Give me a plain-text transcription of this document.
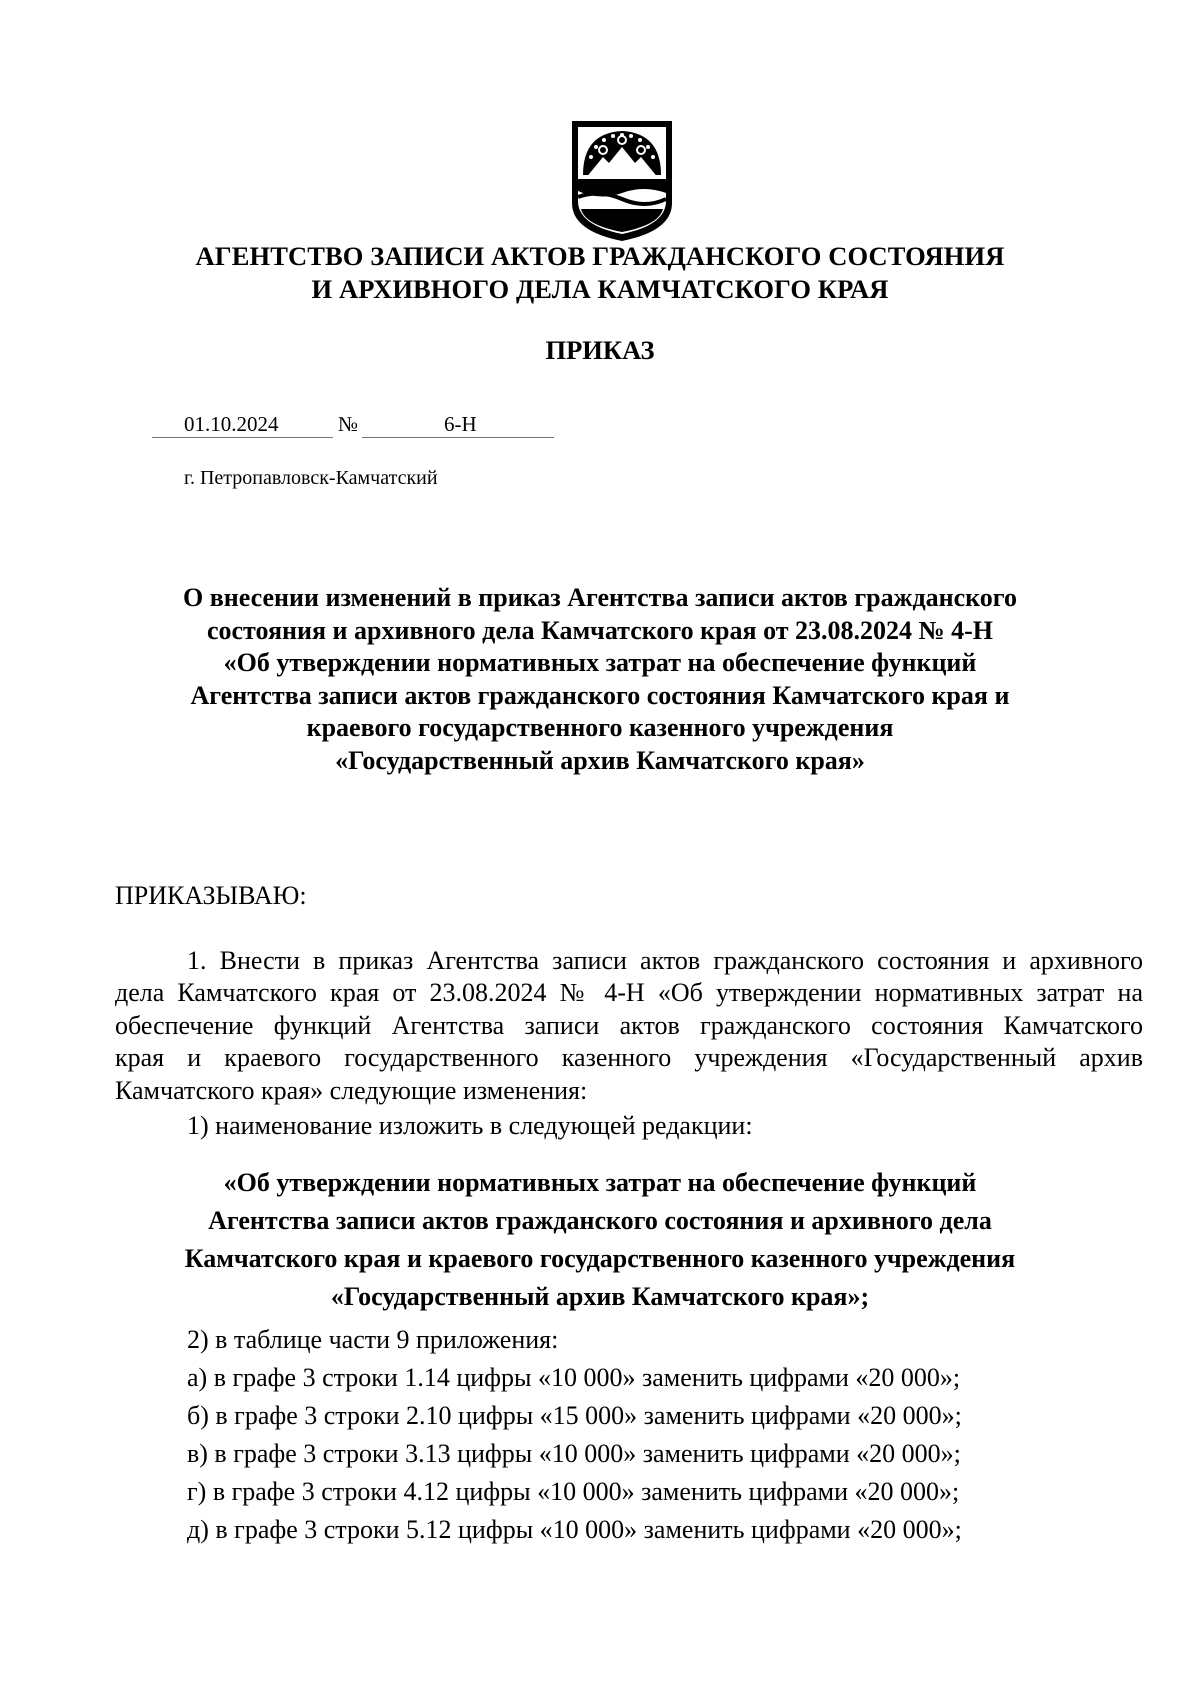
АГЕНТСТВО ЗАПИСИ АКТОВ ГРАЖДАНСКОГО СОСТОЯНИЯ
И АРХИВНОГО ДЕЛА КАМЧАТСКОГО КРАЯ
ПРИКАЗ
01.10.2024	№	6-Н
г. Петропавловск-Камчатский
О внесении изменений в приказ Агентства записи актов гражданского
состояния и архивного дела Камчатского края от 23.08.2024 № 4-Н
«Об утверждении нормативных затрат на обеспечение функций
Агентства записи актов гражданского состояния Камчатского края и
краевого государственного казенного учреждения
«Государственный архив Камчатского края»
ПРИКАЗЫВАЮ:
1. Внести в приказ Агентства записи актов гражданского состояния и архивного
дела Камчатского края от 23.08.2024 № 4-Н «Об утверждении нормативных затрат на
обеспечение функций Агентства записи актов гражданского состояния Камчатского
края и краевого государственного казенного учреждения «Государственный архив
Камчатского края» следующие изменения:
1) наименование изложить в следующей редакции:
«Об утверждении нормативных затрат на обеспечение функций
Агентства записи актов гражданского состояния и архивного дела
Камчатского края и краевого государственного казенного учреждения
«Государственный архив Камчатского края»;
2) в таблице части 9 приложения:
а) в графе 3 строки 1.14 цифры «10 000» заменить цифрами «20 000»;
б) в графе 3 строки 2.10 цифры «15 000» заменить цифрами «20 000»;
в) в графе 3 строки 3.13 цифры «10 000» заменить цифрами «20 000»;
г) в графе 3 строки 4.12 цифры «10 000» заменить цифрами «20 000»;
д) в графе 3 строки 5.12 цифры «10 000» заменить цифрами «20 000»;
